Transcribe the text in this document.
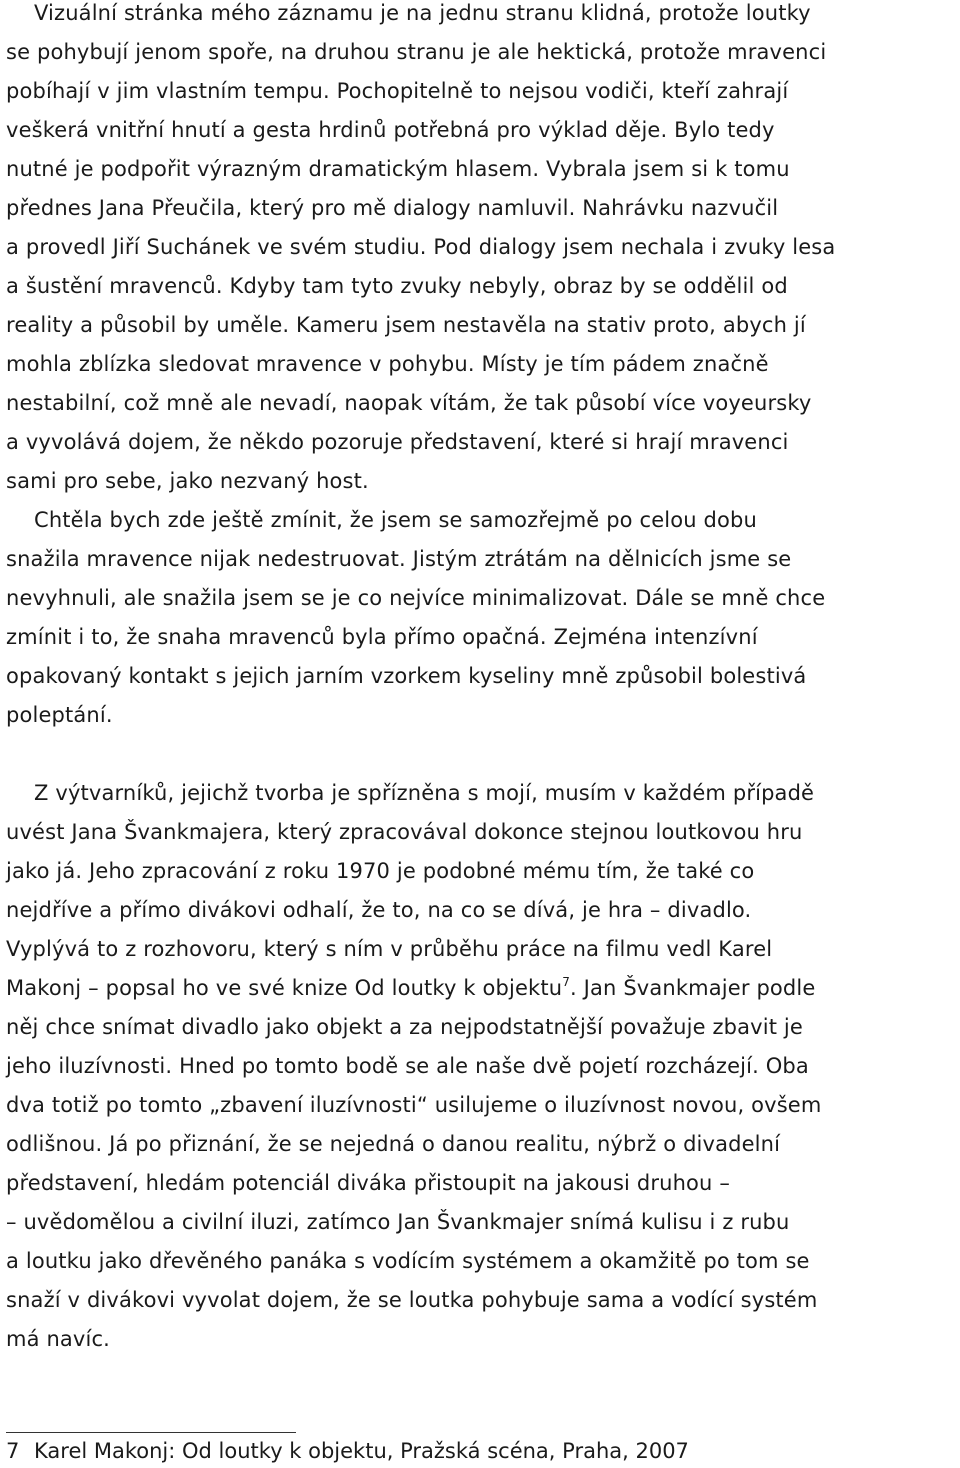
Vizuální stránka mého záznamu je na jednu stranu klidná, protože loutky
se pohybují jenom spoře, na druhou stranu je ale hektická, protože mravenci
pobíhají v jim vlastním tempu. Pochopitelně to nejsou vodiči, kteří zahrají
veškerá vnitřní hnutí a gesta hrdinů potřebná pro výklad děje. Bylo tedy
nutné je podpořit výrazným dramatickým hlasem. Vybrala jsem si k tomu
přednes Jana Přeučila, který pro mě dialogy namluvil. Nahrávku nazvučil
a provedl Jiří Suchánek ve svém studiu. Pod dialogy jsem nechala i zvuky lesa
a šustění mravenců. Kdyby tam tyto zvuky nebyly, obraz by se oddělil od
reality a působil by uměle. Kameru jsem nestavěla na stativ proto, abych jí
mohla zblízka sledovat mravence v pohybu. Místy je tím pádem značně
nestabilní, což mně ale nevadí, naopak vítám, že tak působí více voyeursky
a vyvolává dojem, že někdo pozoruje představení, které si hrají mravenci
sami pro sebe, jako nezvaný host.
Chtěla bych zde ještě zmínit, že jsem se samozřejmě po celou dobu
snažila mravence nijak nedestruovat. Jistým ztrátám na dělnicích jsme se
nevyhnuli, ale snažila jsem se je co nejvíce minimalizovat. Dále se mně chce
zmínit i to, že snaha mravenců byla přímo opačná. Zejména intenzívní
opakovaný kontakt s jejich jarním vzorkem kyseliny mně způsobil bolestivá
poleptání.
Z výtvarníků, jejichž tvorba je spřízněna s mojí, musím v každém případě
uvést Jana Švankmajera, který zpracovával dokonce stejnou loutkovou hru
jako já. Jeho zpracování z roku 1970 je podobné mému tím, že také co
nejdříve a přímo divákovi odhalí, že to, na co se dívá, je hra – divadlo.
Vyplývá to z rozhovoru, který s ním v průběhu práce na filmu vedl Karel
Makonj – popsal ho ve své knize Od loutky k objektu$^7$. Jan Švankmajer podle
něj chce snímat divadlo jako objekt a za nejpodstatnější považuje zbavit je
jeho iluzívnosti. Hned po tomto bodě se ale naše dvě pojetí rozcházejí. Oba
dva totiž po tomto „zbavení iluzívnosti“ usilujeme o iluzívnost novou, ovšem
odlišnou. Já po přiznání, že se nejedná o danou realitu, nýbrž o divadelní
představení, hledám potenciál diváka přistoupit na jakousi druhou –
– uvědomělou a civilní iluzi, zatímco Jan Švankmajer snímá kulisu i z rubu
a loutku jako dřevěného panáka s vodícím systémem a okamžitě po tom se
snaží v divákovi vyvolat dojem, že se loutka pohybuje sama a vodící systém
má navíc.
7 Karel Makonj: Od loutky k objektu, Pražská scéna, Praha, 2007
